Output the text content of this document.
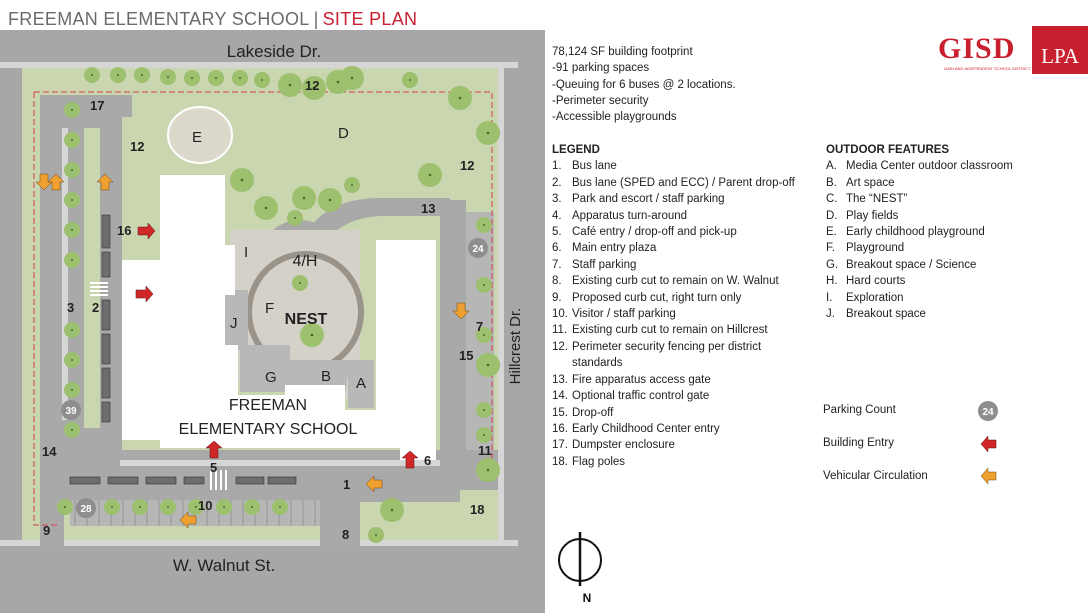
FREEMAN ELEMENTARY SCHOOL | SITE PLAN
24
39
28
Lakeside Dr.
W. Walnut St.
Hillcrest Dr.
FREEMAN
ELEMENTARY SCHOOL
NEST
4/H
A
B
D
E
F
G
I
J
1
2
3
5	6
7
8
9
10
11
12
12
12
13
14
15
16
17
18
78,124 SF building footprint
-91 parking spaces
-Queuing for 6 buses @ 2 locations.
-Perimeter security
-Accessible playgrounds
LEGEND
1. Bus lane
2. Bus lane (SPED and ECC) / Parent drop-off
3. Park and escort / staff parking
4. Apparatus turn-around
5. Café entry / drop-off and pick-up
6. Main entry plaza
7. Staff parking
8. Existing curb cut to remain on W. Walnut
9. Proposed curb cut, right turn only
10. Visitor / staff parking
11. Existing curb cut to remain on Hillcrest
12. Perimeter security fencing per district
standards
13. Fire apparatus access gate
14. Optional traffic control gate
15. Drop-off
16. Early Childhood Center entry
17. Dumpster enclosure
18. Flag poles
OUTDOOR FEATURES
A. Media Center outdoor classroom
B. Art space
C. The “NEST”
D. Play fields
E. Early childhood playground
F. Playground
G. Breakout space / Science
H. Hard courts
I.	Exploration
J. Breakout space
Parking Count
Building Entry
Vehicular Circulation
24
GISD
GARLAND INDEPENDENT SCHOOL DISTRICT
LPA
N
